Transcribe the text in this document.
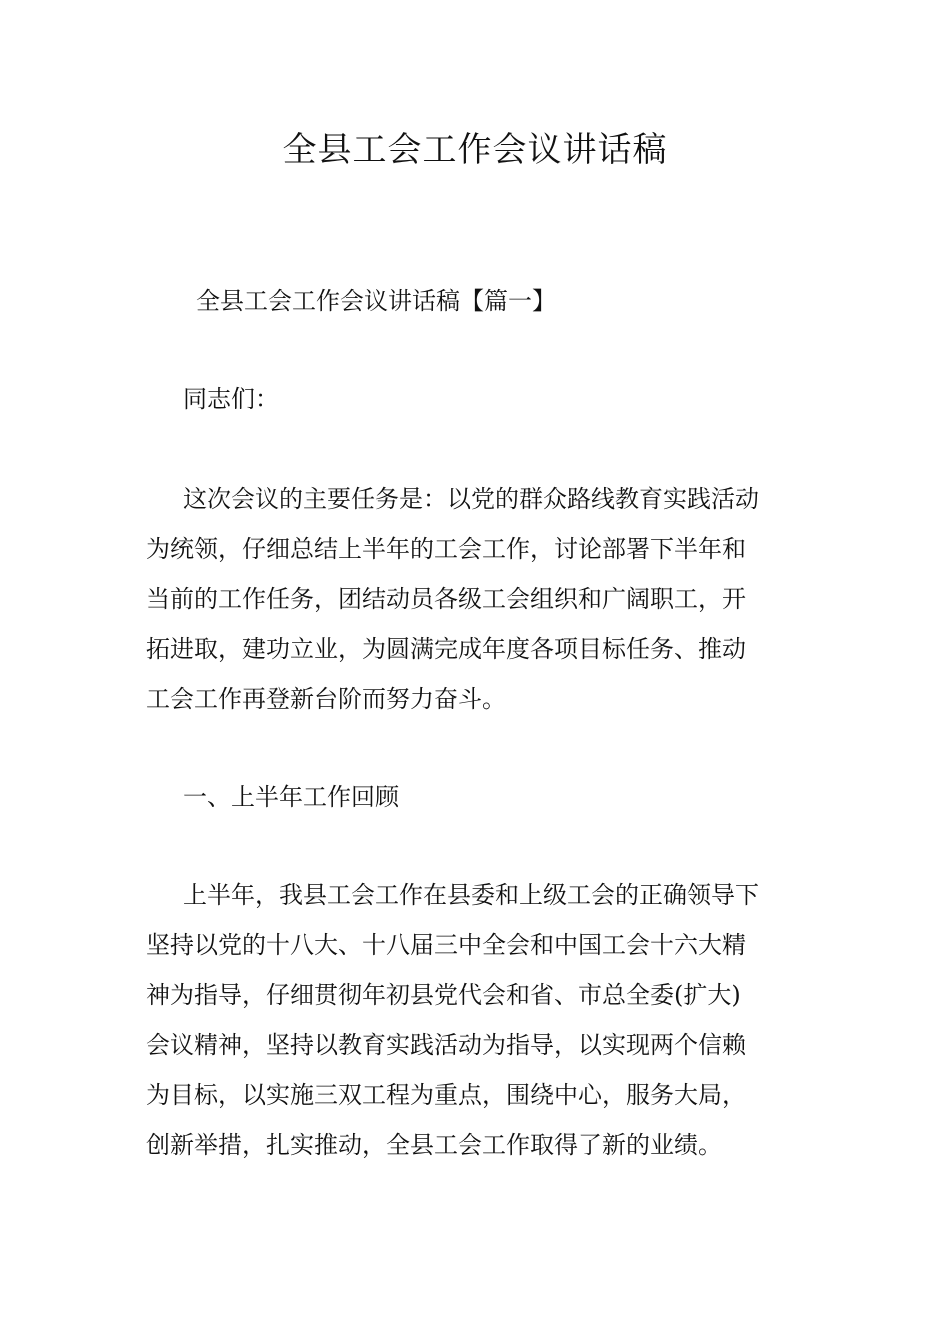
全县工会工作会议讲话稿

全县工会工作会议讲话稿【篇一】

同志们：

这次会议的主要任务是：以党的群众路线教育实践活动
为统领，仔细总结上半年的工会工作，讨论部署下半年和
当前的工作任务，团结动员各级工会组织和广阔职工，开
拓进取，建功立业，为圆满完成年度各项目标任务、推动
工会工作再登新台阶而努力奋斗。

一、上半年工作回顾

上半年，我县工会工作在县委和上级工会的正确领导下
坚持以党的十八大、十八届三中全会和中国工会十六大精
神为指导，仔细贯彻年初县党代会和省、市总全委(扩大)
会议精神，坚持以教育实践活动为指导，以实现两个信赖
为目标，以实施三双工程为重点，围绕中心，服务大局，
创新举措，扎实推动，全县工会工作取得了新的业绩。
